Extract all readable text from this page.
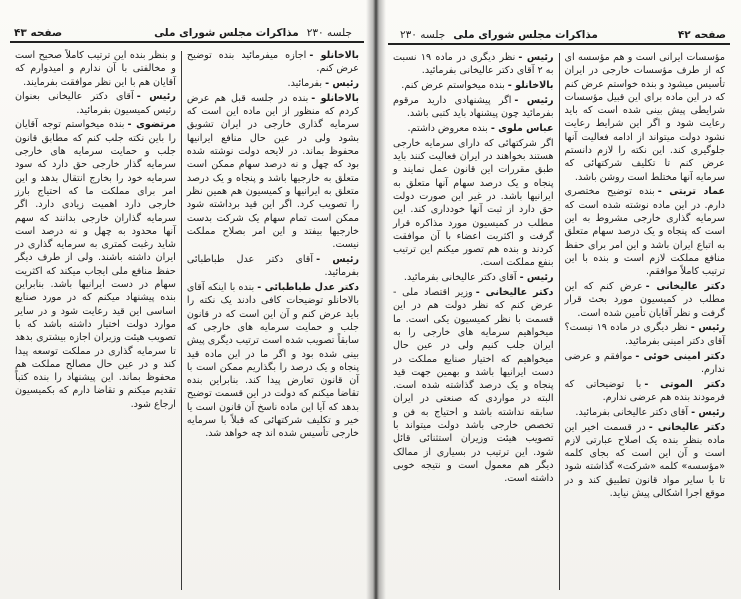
جلسه ۲۳۰
مذاکرات مجلس شورای ملی
صفحه ۴۳

بالاخانلو -اجازه میفرمائید بنده توضیح عرض کنم.

رئیس -بفرمائید.

بالاخانلو -بنده در جلسه قبل هم عرض کردم که منظور از این ماده این است که سرمایه گذاری خارجی در ایران تشویق بشود ولی در عین حال منافع ایرانیها محفوظ بماند. در لایحه دولت نوشته شده بود که چهل و نه درصد سهام ممکن است متعلق به خارجیها باشد و پنجاه و یک درصد متعلق به ایرانیها و کمیسیون هم همین نظر را تصویب کرد. اگر این قید برداشته شود ممکن است تمام سهام یک شرکت بدست خارجیها بیفتد و این امر بصلاح مملکت نیست.

رئیس -آقای دکتر عدل طباطبائی بفرمائید.

دکتر عدل طباطبائی -بنده با اینکه آقای بالاخانلو توضیحات کافی دادند یک نکته را باید عرض کنم و آن این است که در قانون جلب و حمایت سرمایه های خارجی که سابقاً تصویب شده است ترتیب دیگری پیش بینی شده بود و اگر ما در این ماده قید پنجاه و یک درصد را بگذاریم ممکن است با آن قانون تعارض پیدا کند. بنابراین بنده تقاضا میکنم که دولت در این قسمت توضیح بدهد که آیا این ماده ناسخ آن قانون است یا خیر و تکلیف شرکتهائی که قبلاً با سرمایه خارجی تأسیس شده اند چه خواهد شد.

و بنظر بنده این ترتیب کاملاً صحیح است و مخالفتی با آن ندارم و امیدوارم که آقایان هم با این نظر موافقت بفرمایند.

رئیس -آقای دکتر عالیخانی بعنوان رئیس کمیسیون بفرمائید.

مرتضوی -بنده میخواستم توجه آقایان را باین نکته جلب کنم که مطابق قانون جلب و حمایت سرمایه های خارجی سرمایه گذار خارجی حق دارد که سود سرمایه خود را بخارج انتقال بدهد و این امر برای مملکت ما که احتیاج بارز خارجی دارد اهمیت زیادی دارد. اگر سرمایه گذاران خارجی بدانند که سهم آنها محدود به چهل و نه درصد است شاید رغبت کمتری به سرمایه گذاری در ایران داشته باشند. ولی از طرف دیگر حفظ منافع ملی ایجاب میکند که اکثریت سهام در دست ایرانیها باشد. بنابراین بنده پیشنهاد میکنم که در مورد صنایع اساسی این قید رعایت شود و در سایر موارد دولت اختیار داشته باشد که با تصویب هیئت وزیران اجازه بیشتری بدهد تا سرمایه گذاری در مملکت توسعه پیدا کند و در عین حال مصالح مملکت هم محفوظ بماند. این پیشنهاد را بنده کتباً تقدیم میکنم و تقاضا دارم که بکمیسیون ارجاع شود.

صفحه ۴۲
مذاکرات مجلس شورای ملی
جلسه ۲۳۰

مؤسسات ایرانی است و هم مؤسسه ای که از طرف مؤسسات خارجی در ایران تأسیس میشود و بنده خواستم عرض کنم که در این ماده برای این قبیل مؤسسات شرایطی پیش بینی شده است که باید رعایت شود و اگر این شرایط رعایت نشود دولت میتواند از ادامه فعالیت آنها جلوگیری کند. این نکته را لازم دانستم عرض کنم تا تکلیف شرکتهائی که سرمایه آنها مختلط است روشن باشد.

عماد تربتی -بنده توضیح مختصری دارم. در این ماده نوشته شده است که سرمایه گذاری خارجی مشروط به این است که پنجاه و یک درصد سهام متعلق به اتباع ایران باشد و این امر برای حفظ منافع مملکت لازم است و بنده با این ترتیب کاملاً موافقم.

دکتر عالیخانی -عرض کنم که این مطلب در کمیسیون مورد بحث قرار گرفت و نظر آقایان تأمین شده است.

رئیس -نظر دیگری در ماده ۱۹ نیست؟ آقای دکتر امینی بفرمائید.

دکتر امینی خوئی -موافقم و عرضی ندارم.

دکتر الموتی -با توضیحاتی که فرمودند بنده هم عرضی ندارم.

رئیس -آقای دکتر عالیخانی بفرمائید.

دکتر عالیخانی -در قسمت اخیر این ماده بنظر بنده یک اصلاح عبارتی لازم است و آن این است که بجای کلمه «مؤسسه» کلمه «شرکت» گذاشته شود تا با سایر مواد قانون تطبیق کند و در موقع اجرا اشکالی پیش نیاید.

رئیس -نظر دیگری در ماده ۱۹ نسبت به ۲ آقای دکتر عالیخانی بفرمائید.

بالاخانلو -بنده میخواستم عرض کنم.

رئیس -اگر پیشنهادی دارید مرقوم بفرمائید چون پیشنهاد باید کتبی باشد.

عباس ملوی -بنده معروض داشتم.

اگر شرکتهائی که دارای سرمایه خارجی هستند بخواهند در ایران فعالیت کنند باید طبق مقررات این قانون عمل نمایند و پنجاه و یک درصد سهام آنها متعلق به ایرانیها باشد. در غیر این صورت دولت حق دارد از ثبت آنها خودداری کند. این مطلب در کمیسیون مورد مذاکره قرار گرفت و اکثریت اعضاء با آن موافقت کردند و بنده هم تصور میکنم این ترتیب بنفع مملکت است.

رئیس -آقای دکتر عالیخانی بفرمائید.

دکتر عالیخانی -وزیر اقتصاد ملی - عرض کنم که نظر دولت هم در این قسمت با نظر کمیسیون یکی است. ما میخواهیم سرمایه های خارجی را به ایران جلب کنیم ولی در عین حال میخواهیم که اختیار صنایع مملکت در دست ایرانیها باشد و بهمین جهت قید پنجاه و یک درصد گذاشته شده است. البته در مواردی که صنعتی در ایران سابقه نداشته باشد و احتیاج به فن و تخصص خارجی باشد دولت میتواند با تصویب هیئت وزیران استثنائی قائل شود. این ترتیب در بسیاری از ممالک دیگر هم معمول است و نتیجه خوبی داشته است.
